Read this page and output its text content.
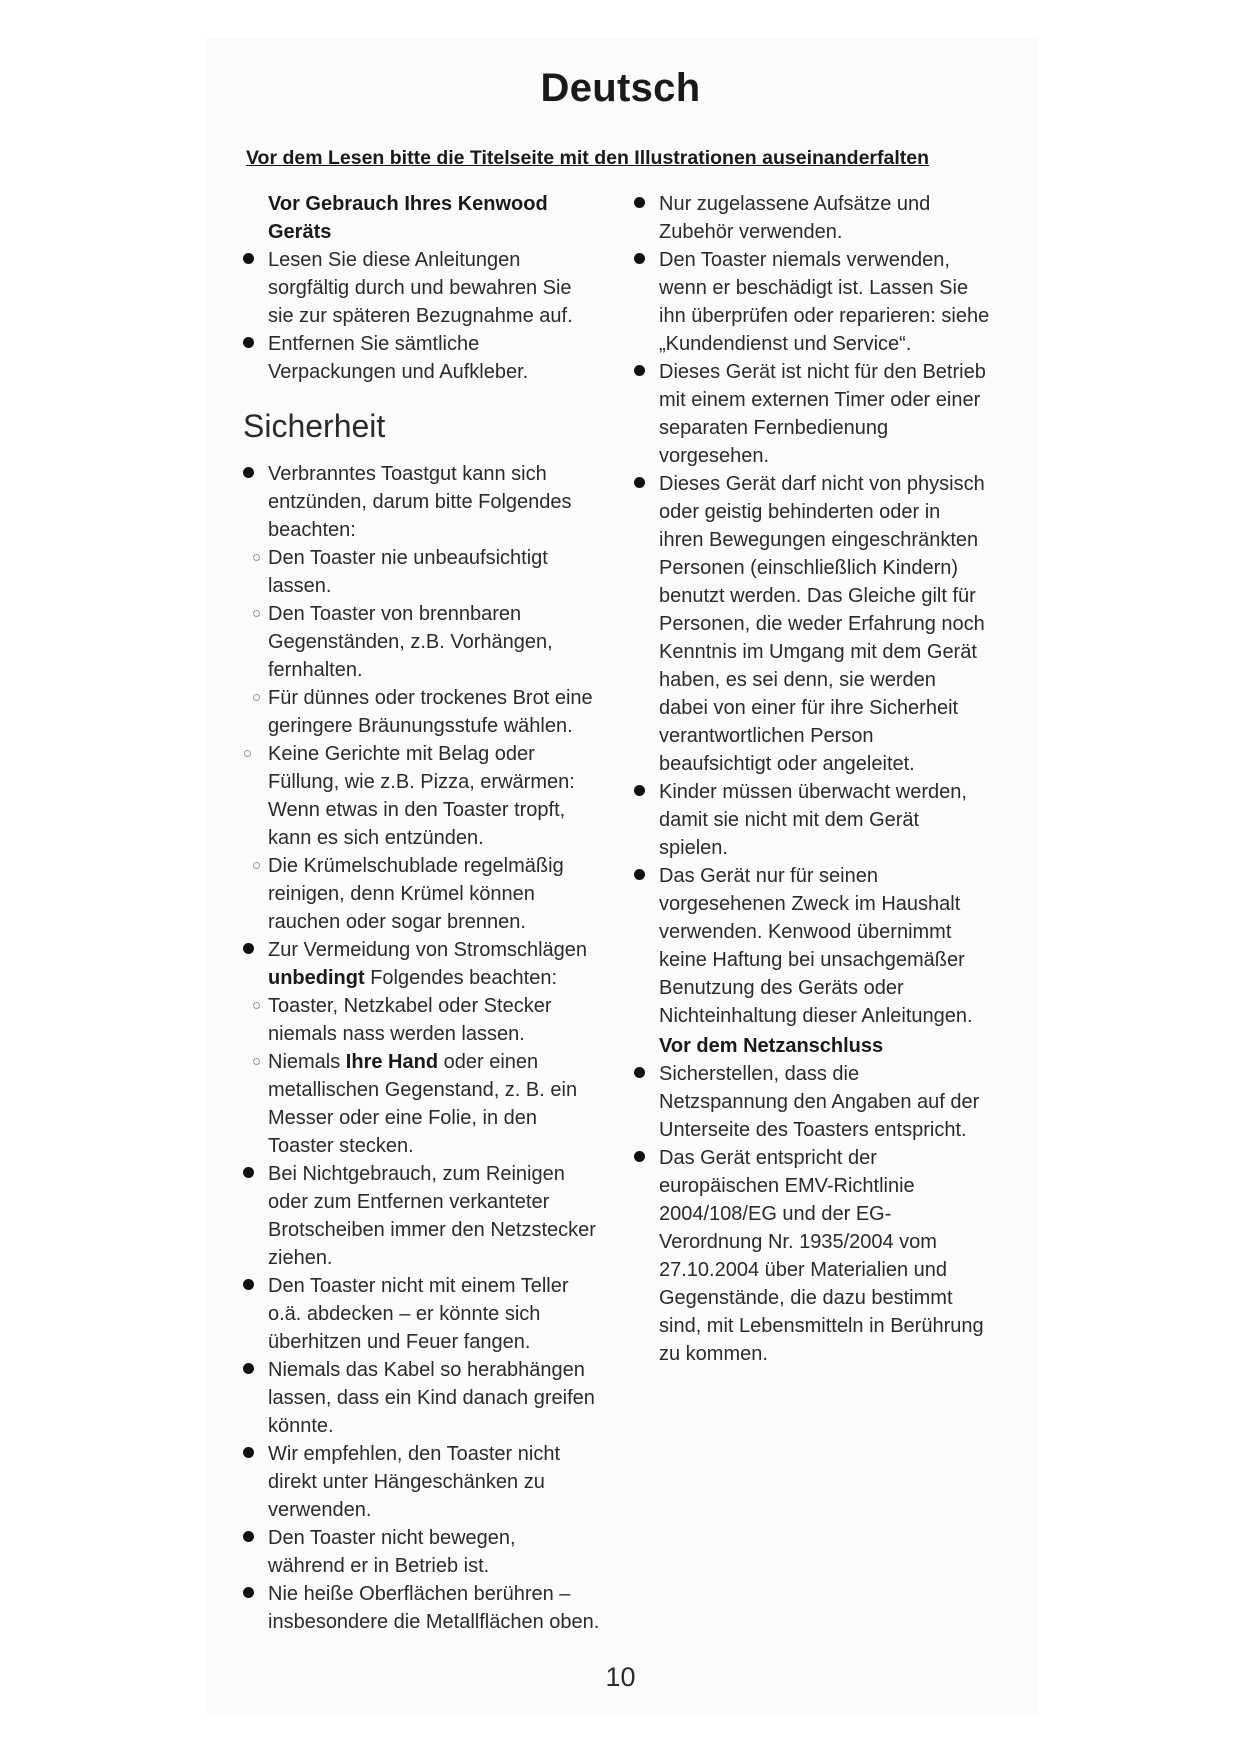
Deutsch
Vor dem Lesen bitte die Titelseite mit den Illustrationen auseinanderfalten
Vor Gebrauch Ihres Kenwood
Geräts
Lesen Sie diese Anleitungen
sorgfältig durch und bewahren Sie
sie zur späteren Bezugnahme auf.
Entfernen Sie sämtliche
Verpackungen und Aufkleber.
Sicherheit
Verbranntes Toastgut kann sich
entzünden, darum bitte Folgendes
beachten:
Den Toaster nie unbeaufsichtigt
lassen.
Den Toaster von brennbaren
Gegenständen, z.B. Vorhängen,
fernhalten.
Für dünnes oder trockenes Brot eine
geringere Bräunungsstufe wählen.
Keine Gerichte mit Belag oder
Füllung, wie z.B. Pizza, erwärmen:
Wenn etwas in den Toaster tropft,
kann es sich entzünden.
Die Krümelschublade regelmäßig
reinigen, denn Krümel können
rauchen oder sogar brennen.
Zur Vermeidung von Stromschlägen
unbedingt Folgendes beachten:
Toaster, Netzkabel oder Stecker
niemals nass werden lassen.
Niemals Ihre Hand oder einen
metallischen Gegenstand, z. B. ein
Messer oder eine Folie, in den
Toaster stecken.
Bei Nichtgebrauch, zum Reinigen
oder zum Entfernen verkanteter
Brotscheiben immer den Netzstecker
ziehen.
Den Toaster nicht mit einem Teller
o.ä. abdecken – er könnte sich
überhitzen und Feuer fangen.
Niemals das Kabel so herabhängen
lassen, dass ein Kind danach greifen
könnte.
Wir empfehlen, den Toaster nicht
direkt unter Hängeschänken zu
verwenden.
Den Toaster nicht bewegen,
während er in Betrieb ist.
Nie heiße Oberflächen berühren –
insbesondere die Metallflächen oben.
Nur zugelassene Aufsätze und
Zubehör verwenden.
Den Toaster niemals verwenden,
wenn er beschädigt ist. Lassen Sie
ihn überprüfen oder reparieren: siehe
„Kundendienst und Service“.
Dieses Gerät ist nicht für den Betrieb
mit einem externen Timer oder einer
separaten Fernbedienung
vorgesehen.
Dieses Gerät darf nicht von physisch
oder geistig behinderten oder in
ihren Bewegungen eingeschränkten
Personen (einschließlich Kindern)
benutzt werden. Das Gleiche gilt für
Personen, die weder Erfahrung noch
Kenntnis im Umgang mit dem Gerät
haben, es sei denn, sie werden
dabei von einer für ihre Sicherheit
verantwortlichen Person
beaufsichtigt oder angeleitet.
Kinder müssen überwacht werden,
damit sie nicht mit dem Gerät
spielen.
Das Gerät nur für seinen
vorgesehenen Zweck im Haushalt
verwenden. Kenwood übernimmt
keine Haftung bei unsachgemäßer
Benutzung des Geräts oder
Nichteinhaltung dieser Anleitungen.
Vor dem Netzanschluss
Sicherstellen, dass die
Netzspannung den Angaben auf der
Unterseite des Toasters entspricht.
Das Gerät entspricht der
europäischen EMV-Richtlinie
2004/108/EG und der EG-
Verordnung Nr. 1935/2004 vom
27.10.2004 über Materialien und
Gegenstände, die dazu bestimmt
sind, mit Lebensmitteln in Berührung
zu kommen.
10
